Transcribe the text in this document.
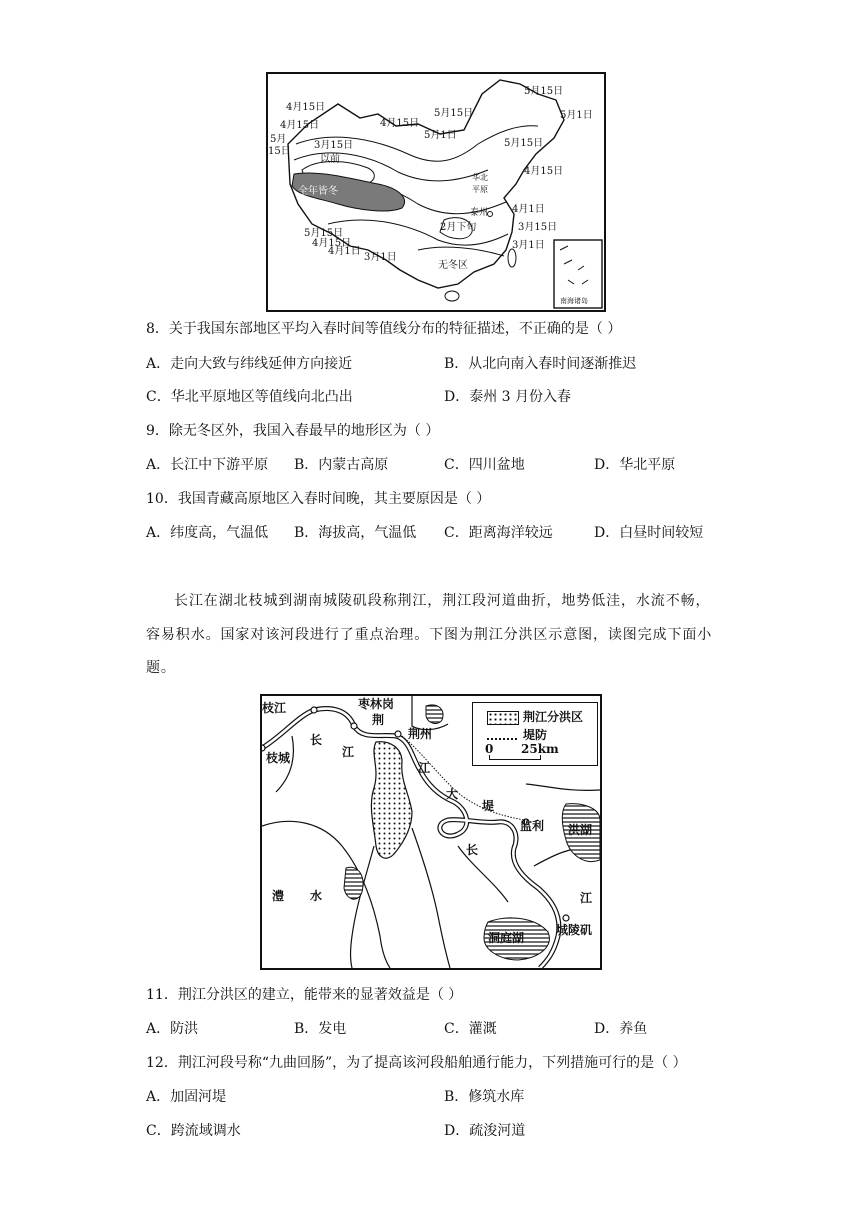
4月15日
4月15日	4月15日
5月
15日
3月15日
以前
全年皆冬
5月15日
5月1日
5月15日
5月1日
5月15日
华北
平原
4月15日
泰州 4月1日
3月15日
3月1日
2月下旬
无冬区
5月15日
4月15日
4月1日
3月1日
南海诸岛
8．关于我国东部地区平均入春时间等值线分布的特征描述，不正确的是（ ）
A．走向大致与纬线延伸方向接近	B．从北向南入春时间逐渐推迟
C．华北平原地区等值线向北凸出	D．泰州 3 月份入春
9．除无冬区外，我国入春最早的地形区为（ ）
A．长江中下游平原 B．内蒙古高原	C．四川盆地	D．华北平原
10．我国青藏高原地区入春时间晚，其主要原因是（ ）
A．纬度高，气温低 B．海拔高，气温低 C．距离海洋较远	D．白昼时间较短
长江在湖北枝城到湖南城陵矶段称荆江，荆江段河道曲折，地势低洼，水流不畅，
容易积水。国家对该河段进行了重点治理。下图为荆江分洪区示意图，读图完成下面小
题。
荆江分洪区
堤防
0 25km
枝江	枣林岗
荆
荆州
枝城
长
江
江
大
堤
监利 洪湖
长
江
澧 水
洞庭湖
城陵矶
11．荆江分洪区的建立，能带来的显著效益是（ ）
A．防洪	B．发电	C．灌溉	D．养鱼
12．荆江河段号称“九曲回肠”，为了提高该河段船舶通行能力，下列措施可行的是（ ）
A．加固河堤	B．修筑水库
C．跨流域调水	D．疏浚河道
